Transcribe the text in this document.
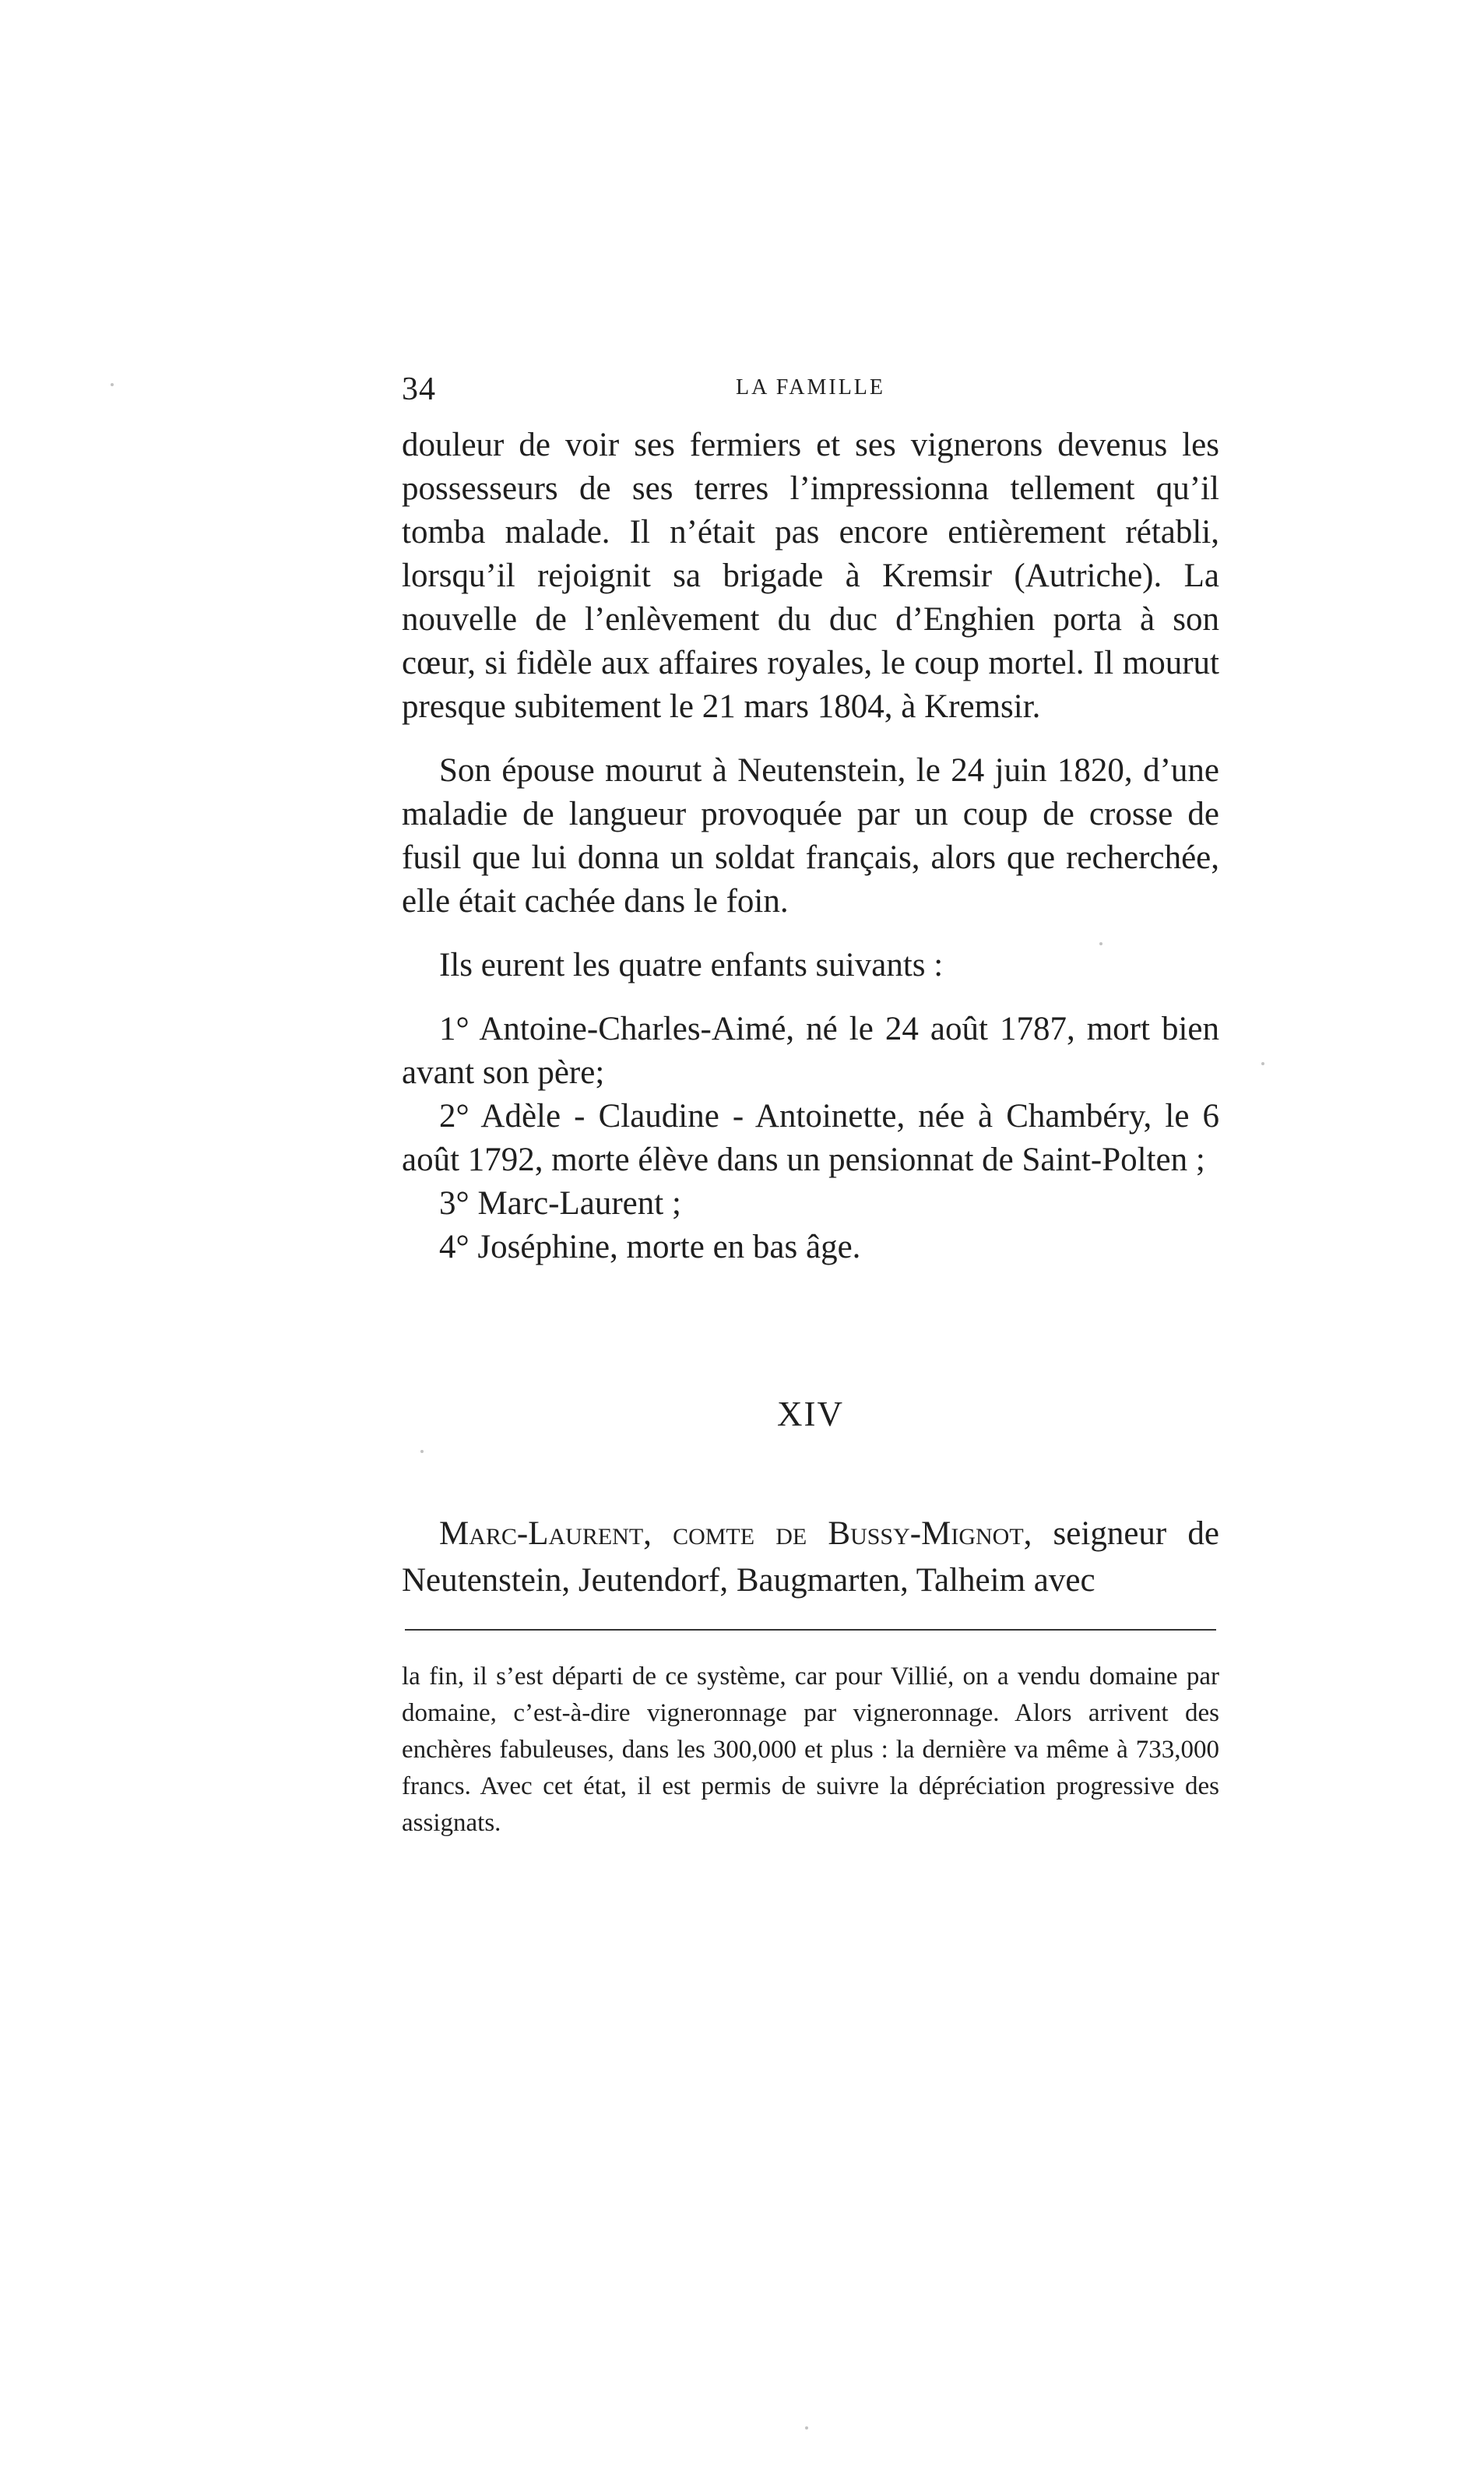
34	LA FAMILLE

douleur de voir ses fermiers et ses vignerons devenus les possesseurs de ses terres l’impressionna tellement qu’il tomba malade. Il n’était pas encore entièrement rétabli, lorsqu’il rejoignit sa brigade à Kremsir (Autriche). La nouvelle de l’enlèvement du duc d’Enghien porta à son cœur, si fidèle aux affaires royales, le coup mortel. Il mourut presque subitement le 21 mars 1804, à Kremsir.

Son épouse mourut à Neutenstein, le 24 juin 1820, d’une maladie de langueur provoquée par un coup de crosse de fusil que lui donna un soldat français, alors que recherchée, elle était cachée dans le foin.

Ils eurent les quatre enfants suivants :

1° Antoine-Charles-Aimé, né le 24 août 1787, mort bien avant son père;

2° Adèle - Claudine - Antoinette, née à Chambéry, le 6 août 1792, morte élève dans un pensionnat de Saint-Polten ;

3° Marc-Laurent ;

4° Joséphine, morte en bas âge.

XIV

Marc-Laurent, comte de Bussy-Mignot, seigneur de Neutenstein, Jeutendorf, Baugmarten, Talheim avec

la fin, il s’est départi de ce système, car pour Villié, on a vendu domaine par domaine, c’est-à-dire vigneronnage par vigneronnage. Alors arrivent des enchères fabuleuses, dans les 300,000 et plus : la dernière va même à 733,000 francs. Avec cet état, il est permis de suivre la dépréciation progressive des assignats.
